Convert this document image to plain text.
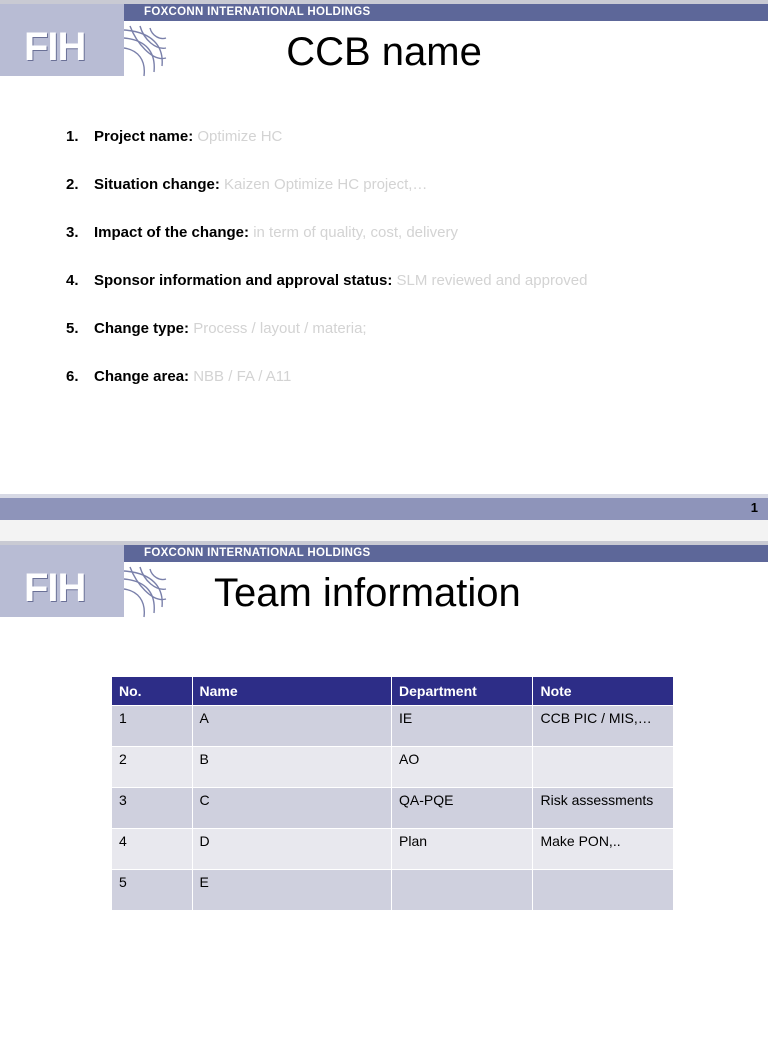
FOXCONN INTERNATIONAL HOLDINGS
FIH	CCB name
1. Project name: Optimize HC
2. Situation change: Kaizen Optimize HC project,…
3. Impact of the change: in term of quality, cost, delivery
4. Sponsor information and approval status: SLM reviewed and approved
5. Change type: Process / layout / materia;
6. Change area: NBB / FA / A11
1
FOXCONN INTERNATIONAL HOLDINGS
FIH	Team information
No.	Name	Department	Note
1	A	IE	CCB PIC / MIS,…
2	B	AO	
3	C	QA-PQE	Risk assessments
4	D	Plan	Make PON,..
5	E		
